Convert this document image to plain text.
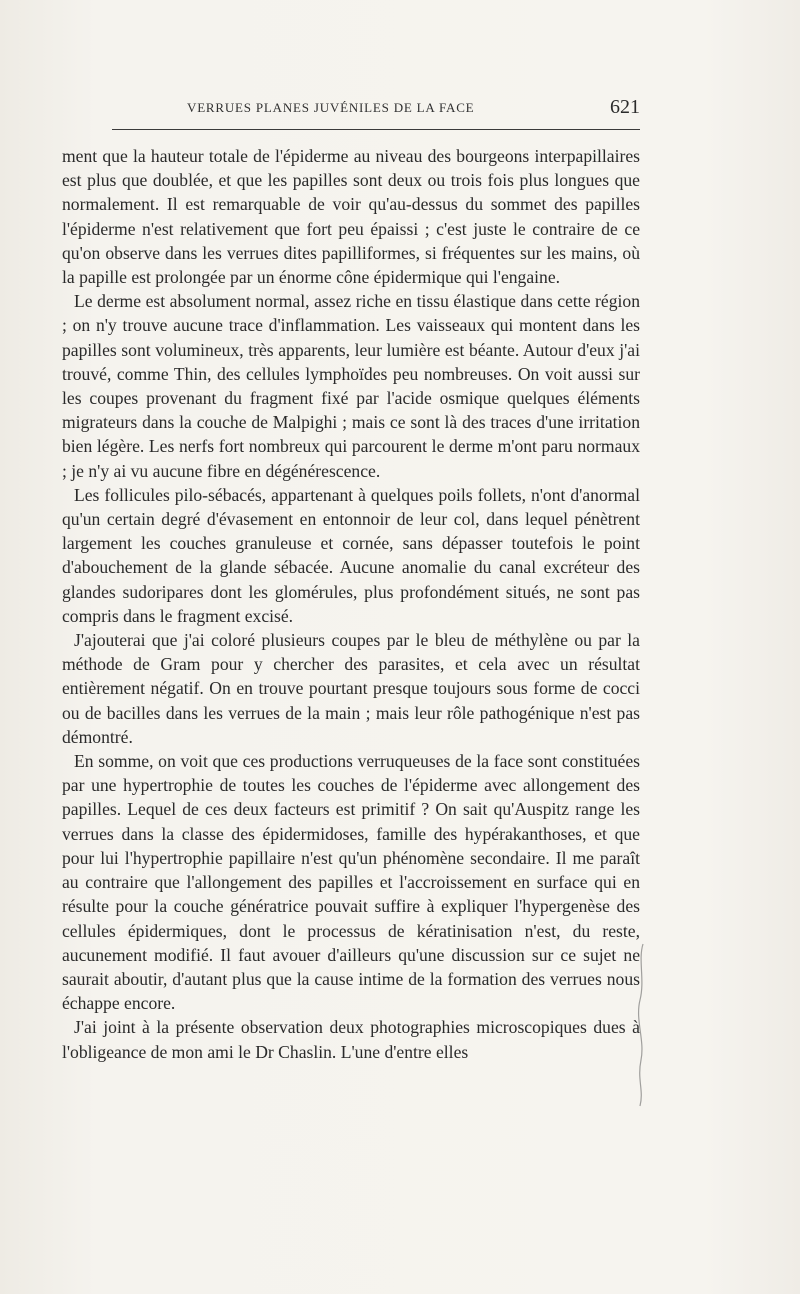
VERRUES PLANES JUVÉNILES DE LA FACE	621

ment que la hauteur totale de l'épiderme au niveau des bourgeons interpapillaires est plus que doublée, et que les papilles sont deux ou trois fois plus longues que normalement. Il est remarquable de voir qu'au-dessus du sommet des papilles l'épiderme n'est relativement que fort peu épaissi ; c'est juste le contraire de ce qu'on observe dans les verrues dites papilliformes, si fréquentes sur les mains, où la papille est prolongée par un énorme cône épidermique qui l'engaine.

Le derme est absolument normal, assez riche en tissu élastique dans cette région ; on n'y trouve aucune trace d'inflammation. Les vaisseaux qui montent dans les papilles sont volumineux, très apparents, leur lumière est béante. Autour d'eux j'ai trouvé, comme Thin, des cellules lymphoïdes peu nombreuses. On voit aussi sur les coupes provenant du fragment fixé par l'acide osmique quelques éléments migrateurs dans la couche de Malpighi ; mais ce sont là des traces d'une irritation bien légère. Les nerfs fort nombreux qui parcourent le derme m'ont paru normaux ; je n'y ai vu aucune fibre en dégénérescence.

Les follicules pilo-sébacés, appartenant à quelques poils follets, n'ont d'anormal qu'un certain degré d'évasement en entonnoir de leur col, dans lequel pénètrent largement les couches granuleuse et cornée, sans dépasser toutefois le point d'abouchement de la glande sébacée. Aucune anomalie du canal excréteur des glandes sudoripares dont les glomérules, plus profondément situés, ne sont pas compris dans le fragment excisé.

J'ajouterai que j'ai coloré plusieurs coupes par le bleu de méthylène ou par la méthode de Gram pour y chercher des parasites, et cela avec un résultat entièrement négatif. On en trouve pourtant presque toujours sous forme de cocci ou de bacilles dans les verrues de la main ; mais leur rôle pathogénique n'est pas démontré.

En somme, on voit que ces productions verruqueuses de la face sont constituées par une hypertrophie de toutes les couches de l'épiderme avec allongement des papilles. Lequel de ces deux facteurs est primitif ? On sait qu'Auspitz range les verrues dans la classe des épidermidoses, famille des hypérakanthoses, et que pour lui l'hypertrophie papillaire n'est qu'un phénomène secondaire. Il me paraît au contraire que l'allongement des papilles et l'accroissement en surface qui en résulte pour la couche génératrice pouvait suffire à expliquer l'hypergenèse des cellules épidermiques, dont le processus de kératinisation n'est, du reste, aucunement modifié. Il faut avouer d'ailleurs qu'une discussion sur ce sujet ne saurait aboutir, d'autant plus que la cause intime de la formation des verrues nous échappe encore.

J'ai joint à la présente observation deux photographies microscopiques dues à l'obligeance de mon ami le Dr Chaslin. L'une d'entre elles
